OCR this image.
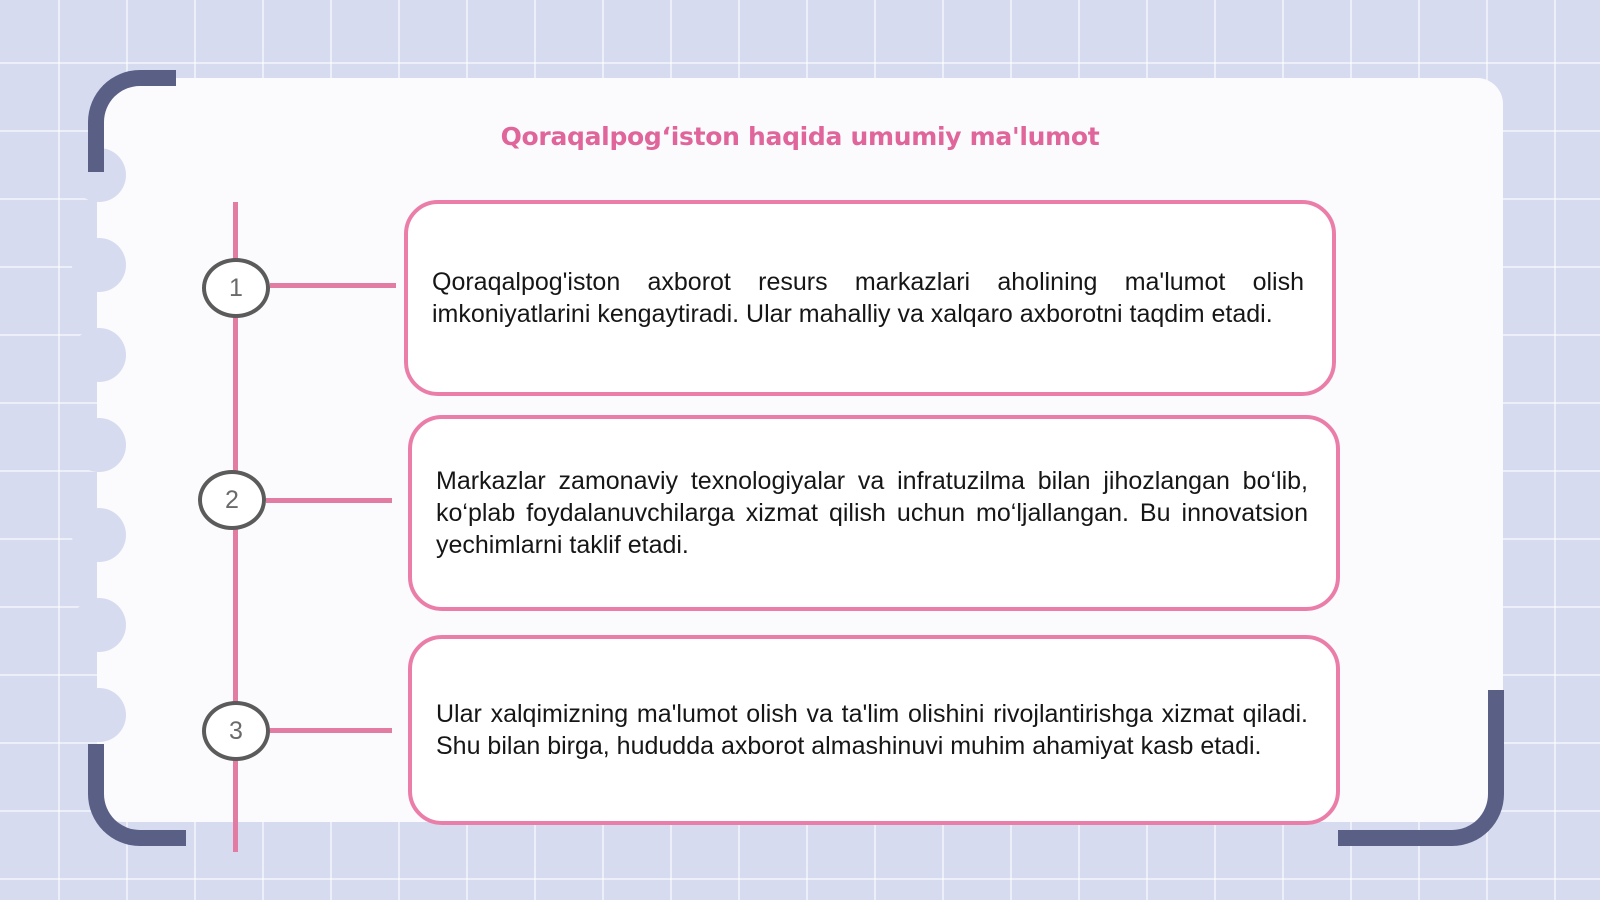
Qoraqalpogʻiston haqida umumiy ma'lumot
1
2
3
Qoraqalpog'iston axborot resurs markazlari aholining ma'lumot olish imkoniyatlarini kengaytiradi. Ular mahalliy va xalqaro axborotni taqdim etadi.
Markazlar zamonaviy texnologiyalar va infratuzilma bilan jihozlangan bo‘lib, ko‘plab foydalanuvchilarga xizmat qilish uchun mo‘ljallangan. Bu innovatsion yechimlarni taklif etadi.
Ular xalqimizning ma'lumot olish va ta'lim olishini rivojlantirishga xizmat qiladi. Shu bilan birga, hududda axborot almashinuvi muhim ahamiyat kasb etadi.
